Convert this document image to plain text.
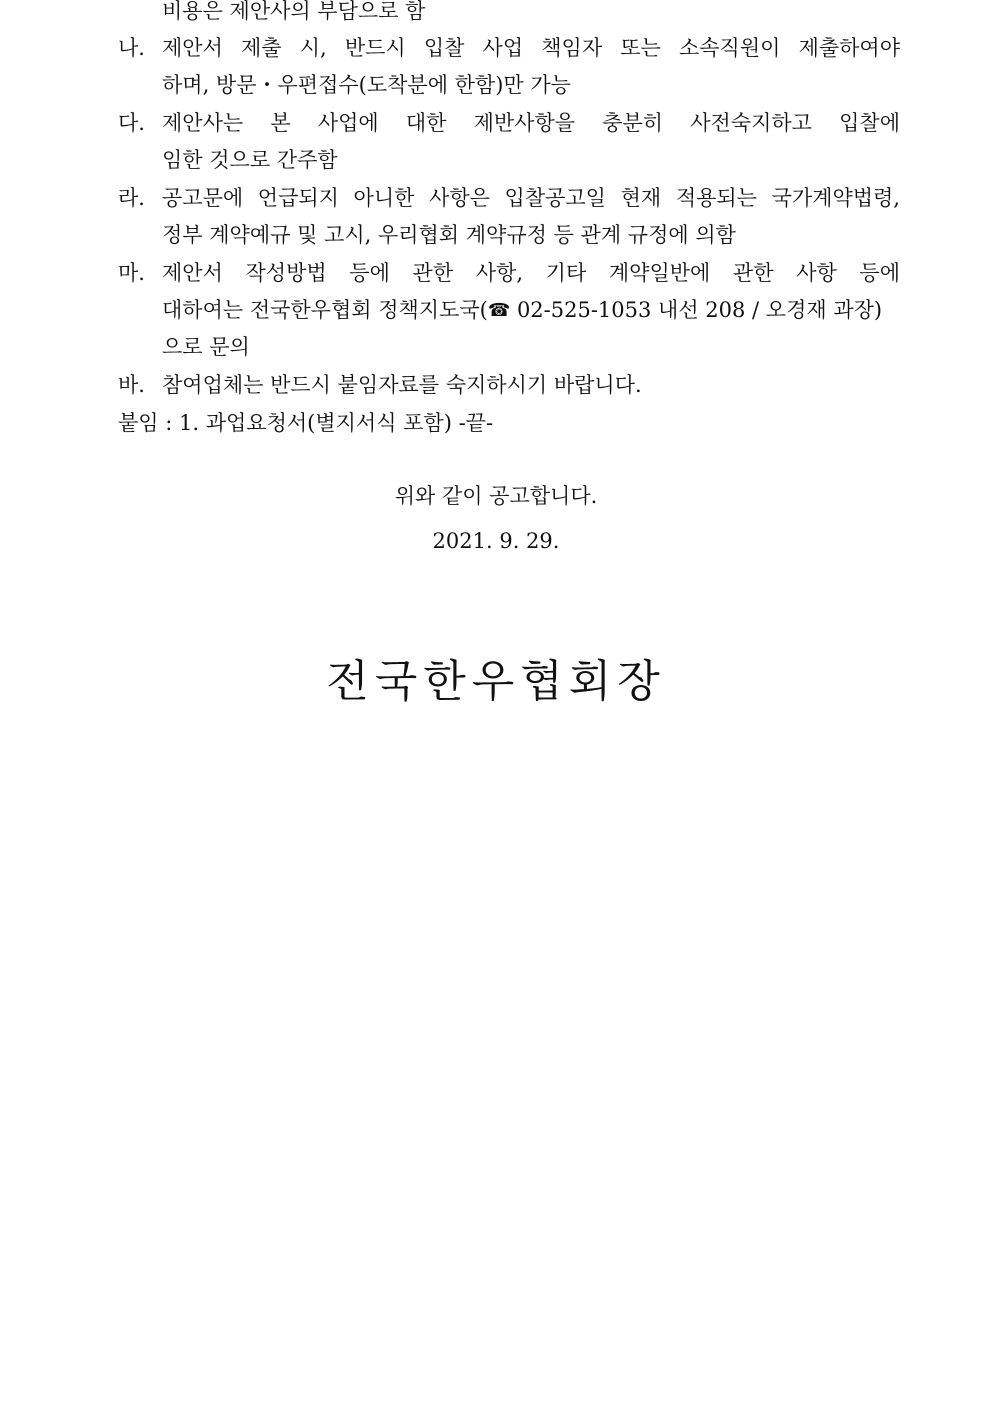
비용은 제안사의 부담으로 함
나. 제안서 제출 시, 반드시 입찰 사업 책임자 또는 소속직원이 제출하여야
하며, 방문・우편접수(도착분에 한함)만 가능
다. 제안사는 본 사업에 대한 제반사항을 충분히 사전숙지하고 입찰에
임한 것으로 간주함
라. 공고문에 언급되지 아니한 사항은 입찰공고일 현재 적용되는 국가계약법령,
정부 계약예규 및 고시, 우리협회 계약규정 등 관계 규정에 의함
마. 제안서 작성방법 등에 관한 사항, 기타 계약일반에 관한 사항 등에
대하여는 전국한우협회 정책지도국(☎ 02-525-1053 내선 208 / 오경재 과장)
으로 문의
바. 참여업체는 반드시 붙임자료를 숙지하시기 바랍니다.
붙임 : 1. 과업요청서(별지서식 포함) -끝-
위와 같이 공고합니다.
2021. 9. 29.
전국한우협회장
